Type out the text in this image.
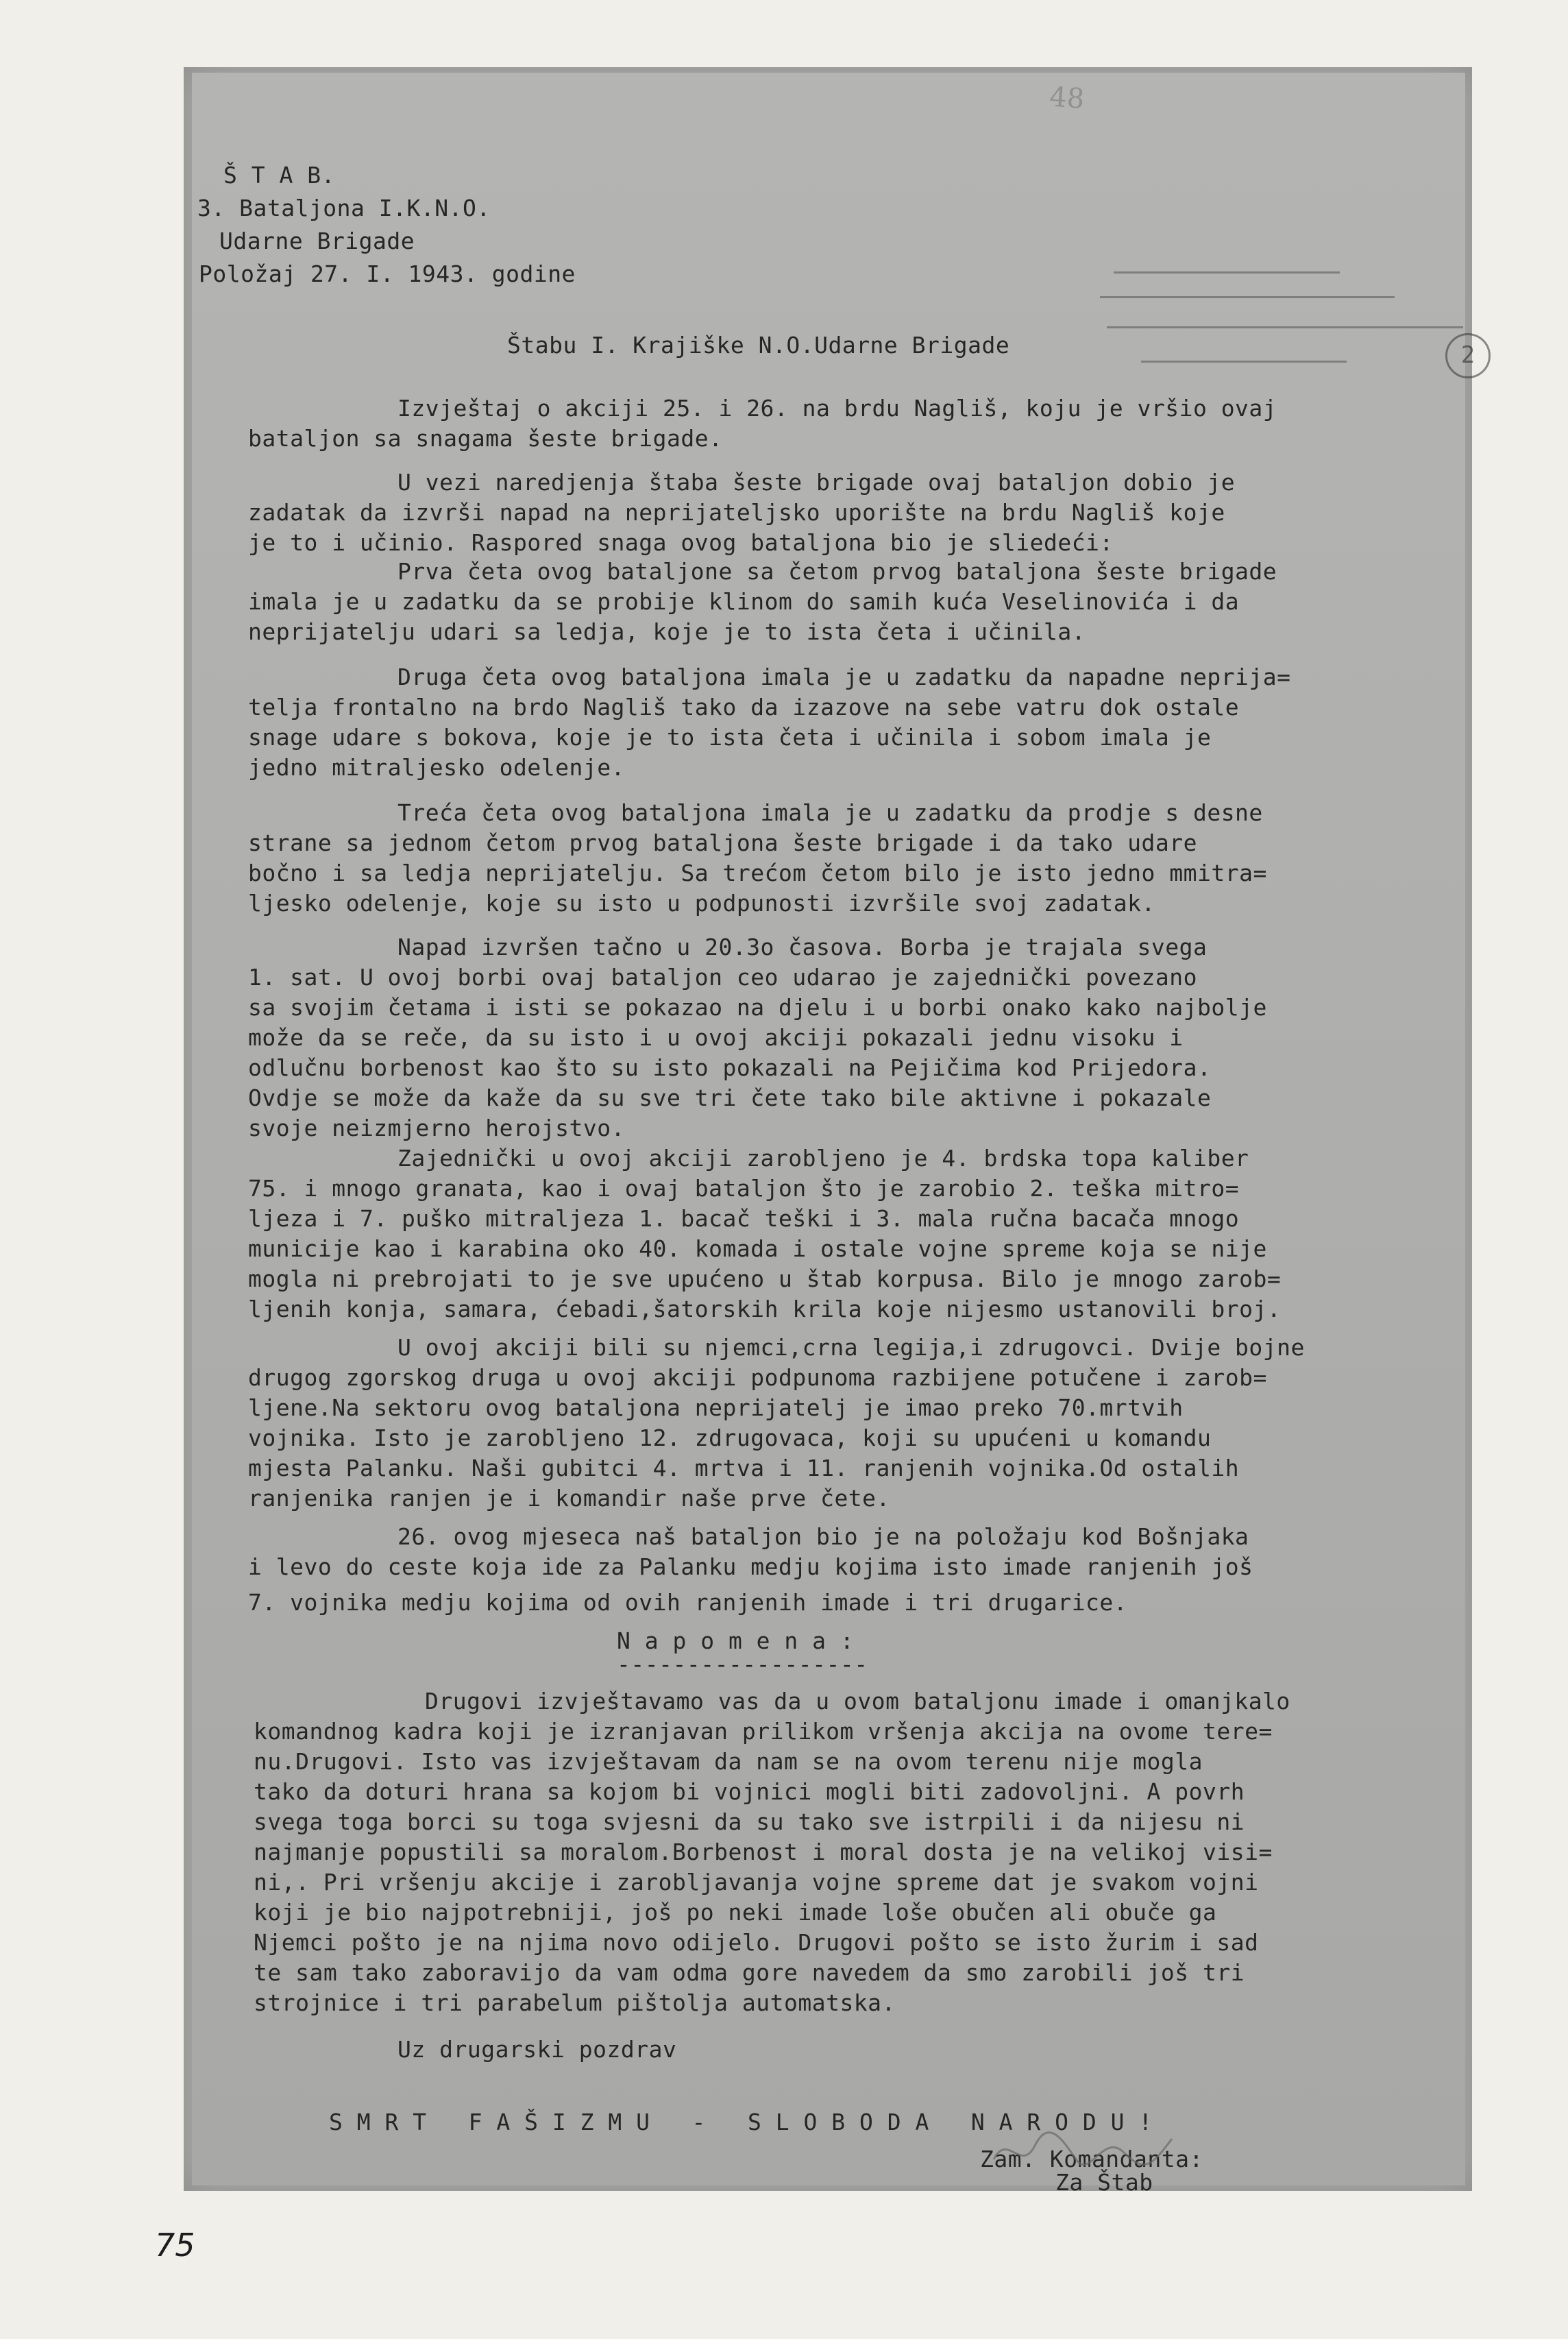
48
Š T A B.
3. Bataljona I.K.N.O.
Udarne Brigade
Položaj 27. I. 1943. godine
2
Štabu I. Krajiške N.O.Udarne Brigade
Izvještaj o akciji 25. i 26. na brdu Nagliš, koju je vršio ovaj
bataljon sa snagama šeste brigade.
U vezi naredjenja štaba šeste brigade ovaj bataljon dobio je
zadatak da izvrši napad na neprijateljsko uporište na brdu Nagliš koje
je to i učinio. Raspored snaga ovog bataljona bio je sliedeći:
Prva četa ovog bataljone sa četom prvog bataljona šeste brigade
imala je u zadatku da se probije klinom do samih kuća Veselinovića i da
neprijatelju udari sa ledja, koje je to ista četa i učinila.
Druga četa ovog bataljona imala je u zadatku da napadne neprija=
telja frontalno na brdo Nagliš tako da izazove na sebe vatru dok ostale
snage udare s bokova, koje je to ista četa i učinila i sobom imala je
jedno mitraljesko odelenje.
Treća četa ovog bataljona imala je u zadatku da prodje s desne
strane sa jednom četom prvog bataljona šeste brigade i da tako udare
bočno i sa ledja neprijatelju. Sa trećom četom bilo je isto jedno mmitra=
ljesko odelenje, koje su isto u podpunosti izvršile svoj zadatak.
Napad izvršen tačno u 20.3o časova. Borba je trajala svega
1. sat. U ovoj borbi ovaj bataljon ceo udarao je zajednički povezano
sa svojim četama i isti se pokazao na djelu i u borbi onako kako najbolje
može da se reče, da su isto i u ovoj akciji pokazali jednu visoku i
odlučnu borbenost kao što su isto pokazali na Pejičima kod Prijedora.
Ovdje se može da kaže da su sve tri čete tako bile aktivne i pokazale
svoje neizmjerno herojstvo.
Zajednički u ovoj akciji zarobljeno je 4. brdska topa kaliber
75. i mnogo granata, kao i ovaj bataljon što je zarobio 2. teška mitro=
ljeza i 7. puško mitraljeza 1. bacač teški i 3. mala ručna bacača mnogo
municije kao i karabina oko 40. komada i ostale vojne spreme koja se nije
mogla ni prebrojati to je sve upućeno u štab korpusa. Bilo je mnogo zarob=
ljenih konja, samara, ćebadi,šatorskih krila koje nijesmo ustanovili broj.
U ovoj akciji bili su njemci,crna legija,i zdrugovci. Dvije bojne
drugog zgorskog druga u ovoj akciji podpunoma razbijene potučene i zarob=
ljene.Na sektoru ovog bataljona neprijatelj je imao preko 70.mrtvih
vojnika. Isto je zarobljeno 12. zdrugovaca, koji su upućeni u komandu
mjesta Palanku. Naši gubitci 4. mrtva i 11. ranjenih vojnika.Od ostalih
ranjenika ranjen je i komandir naše prve čete.
26. ovog mjeseca naš bataljon bio je na položaju kod Bošnjaka
i levo do ceste koja ide za Palanku medju kojima isto imade ranjenih još
7. vojnika medju kojima od ovih ranjenih imade i tri drugarice.
N a p o m e n a :
------------------
Drugovi izvještavamo vas da u ovom bataljonu imade i omanjkalo
komandnog kadra koji je izranjavan prilikom vršenja akcija na ovome tere=
nu.Drugovi. Isto vas izvještavam da nam se na ovom terenu nije mogla
tako da doturi hrana sa kojom bi vojnici mogli biti zadovoljni. A povrh
svega toga borci su toga svjesni da su tako sve istrpili i da nijesu ni
najmanje popustili sa moralom.Borbenost i moral dosta je na velikoj visi=
ni,. Pri vršenju akcije i zarobljavanja vojne spreme dat je svakom vojni
koji je bio najpotrebniji, još po neki imade loše obučen ali obuče ga
Njemci pošto je na njima novo odijelo. Drugovi pošto se isto žurim i sad
te sam tako zaboravijo da vam odma gore navedem da smo zarobili još tri
strojnice i tri parabelum pištolja automatska.
Uz drugarski pozdrav
S M R T   F A Š I Z M U   -   S L O B O D A   N A R O D U !
Za Štab
Zam. Komandanta:
75
